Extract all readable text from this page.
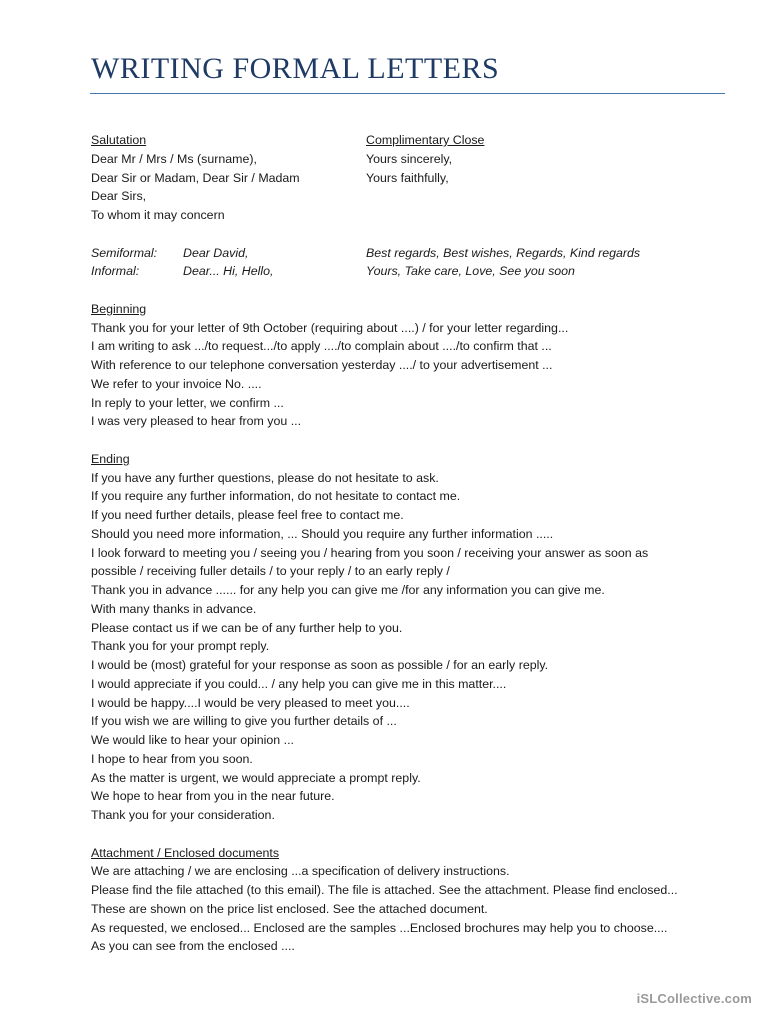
WRITING FORMAL LETTERS
Salutation	Complimentary Close
Dear Mr / Mrs / Ms (surname),	Yours sincerely,
Dear Sir or Madam, Dear Sir / Madam	Yours faithfully,
Dear Sirs,
To whom it may concern
Semiformal:	Dear David,	Best regards, Best wishes, Regards, Kind regards
Informal:	Dear... Hi, Hello,	Yours, Take care, Love, See you soon
Beginning
Thank you for your letter of 9th October (requiring about ....) / for your letter regarding...
I am writing to ask .../to request.../to apply ..../to complain about ..../to confirm that ...
With reference to our telephone conversation yesterday ..../ to your advertisement ...
We refer to your invoice No. ....
In reply to your letter, we confirm ...
I was very pleased to hear from you ...
Ending
If you have any further questions, please do not hesitate to ask.
If you require any further information, do not hesitate to contact me.
If you need further details, please feel free to contact me.
Should you need more information, ... Should you require any further information .....
I look forward to meeting you / seeing you / hearing from you soon / receiving your answer as soon as
possible / receiving fuller details / to your reply / to an early reply /
Thank you in advance ...... for any help you can give me /for any information you can give me.
With many thanks in advance.
Please contact us if we can be of any further help to you.
Thank you for your prompt reply.
I would be (most) grateful for your response as soon as possible / for an early reply.
I would appreciate if you could... / any help you can give me in this matter....
I would be happy....I would be very pleased to meet you....
If you wish we are willing to give you further details of ...
We would like to hear your opinion ...
I hope to hear from you soon.
As the matter is urgent, we would appreciate a prompt reply.
We hope to hear from you in the near future.
Thank you for your consideration.
Attachment / Enclosed documents
We are attaching / we are enclosing ...a specification of delivery instructions.
Please find the file attached (to this email). The file is attached. See the attachment. Please find enclosed...
These are shown on the price list enclosed. See the attached document.
As requested, we enclosed... Enclosed are the samples ...Enclosed brochures may help you to choose....
As you can see from the enclosed ....
iSLCollective.com
